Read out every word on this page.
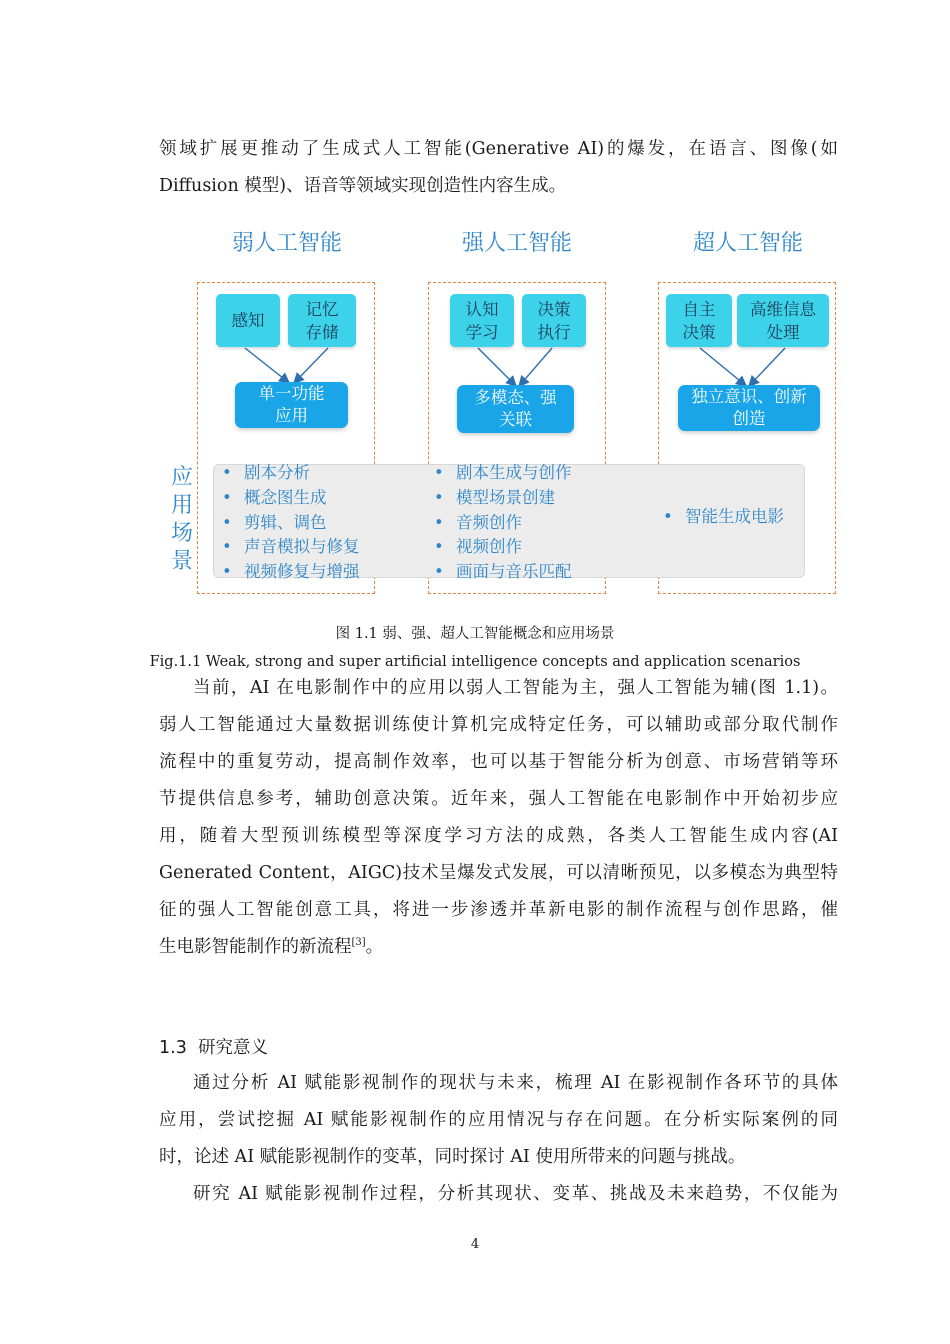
领域扩展更推动了生成式人工智能(Generative AI)的爆发，在语言、图像(如
Diffusion 模型)、语音等领域实现创造性内容生成。
弱人工智能	强人工智能	超人工智能
感知
记忆
存储
单一功能
应用
认知
学习
决策
执行
多模态、强
关联
自主
决策
高维信息
处理
独立意识、创新
创造
应
用
场
景
• 剧本分析
• 概念图生成
• 剪辑、调色
• 声音模拟与修复
• 视频修复与增强
• 剧本生成与创作
• 模型场景创建
• 音频创作
• 视频创作
• 画面与音乐匹配
• 智能生成电影
图 1.1 弱、强、超人工智能概念和应用场景
Fig.1.1 Weak, strong and super artificial intelligence concepts and application scenarios
当前，AI 在电影制作中的应用以弱人工智能为主，强人工智能为辅(图 1.1)。
弱人工智能通过大量数据训练使计算机完成特定任务，可以辅助或部分取代制作
流程中的重复劳动，提高制作效率，也可以基于智能分析为创意、市场营销等环
节提供信息参考，辅助创意决策。近年来，强人工智能在电影制作中开始初步应
用，随着大型预训练模型等深度学习方法的成熟，各类人工智能生成内容(AI
Generated Content，AIGC)技术呈爆发式发展，可以清晰预见，以多模态为典型特
征的强人工智能创意工具，将进一步渗透并革新电影的制作流程与创作思路，催
生电影智能制作的新流程[3]。
1.3 研究意义
通过分析 AI 赋能影视制作的现状与未来，梳理 AI 在影视制作各环节的具体
应用，尝试挖掘 AI 赋能影视制作的应用情况与存在问题。在分析实际案例的同
时，论述 AI 赋能影视制作的变革，同时探讨 AI 使用所带来的问题与挑战。
研究 AI 赋能影视制作过程，分析其现状、变革、挑战及未来趋势，不仅能为
4
